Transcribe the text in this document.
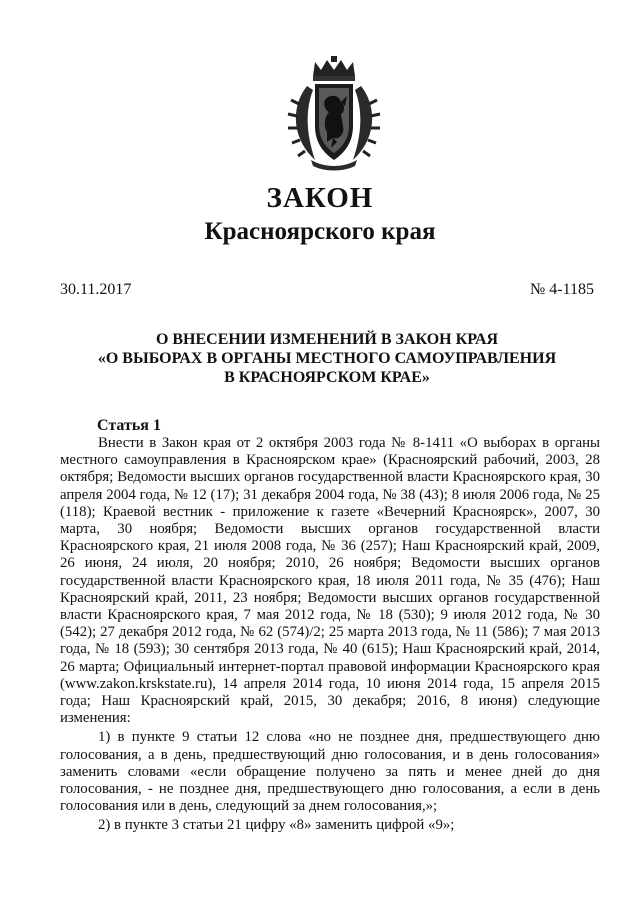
ЗАКОН
Красноярского края
30.11.2017	№ 4-1185
О ВНЕСЕНИИ ИЗМЕНЕНИЙ В ЗАКОН КРАЯ
«О ВЫБОРАХ В ОРГАНЫ МЕСТНОГО САМОУПРАВЛЕНИЯ
В КРАСНОЯРСКОМ КРАЕ»
Статья 1

Внести в Закон края от 2 октября 2003 года № 8-1411 «О выборах в органы местного самоуправления в Красноярском крае» (Красноярский рабочий, 2003, 28 октября; Ведомости высших органов государственной власти Красноярского края, 30 апреля 2004 года, № 12 (17); 31 декабря 2004 года, № 38 (43); 8 июля 2006 года, № 25 (118); Краевой вестник - приложение к газете «Вечерний Красноярск», 2007, 30 марта, 30 ноября; Ведомости высших органов государственной власти Красноярского края, 21 июля 2008 года, № 36 (257); Наш Красноярский край, 2009, 26 июня, 24 июля, 20 ноября; 2010, 26 ноября; Ведомости высших органов государственной власти Красноярского края, 18 июля 2011 года, № 35 (476); Наш Красноярский край, 2011, 23 ноября; Ведомости высших органов государственной власти Красноярского края, 7 мая 2012 года, № 18 (530); 9 июля 2012 года, № 30 (542); 27 декабря 2012 года, № 62 (574)/2; 25 марта 2013 года, № 11 (586); 7 мая 2013 года, № 18 (593); 30 сентября 2013 года, № 40 (615); Наш Красноярский край, 2014, 26 марта; Официальный интернет-портал правовой информации Красноярского края (www.zakon.krskstate.ru), 14 апреля 2014 года, 10 июня 2014 года, 15 апреля 2015 года; Наш Красноярский край, 2015, 30 декабря; 2016, 8 июня) следующие изменения:

1) в пункте 9 статьи 12 слова «но не позднее дня, предшествующего дню голосования, а в день, предшествующий дню голосования, и в день голосования» заменить словами «если обращение получено за пять и менее дней до дня голосования, - не позднее дня, предшествующего дню голосования, а если в день голосования или в день, следующий за днем голосования,»;

2) в пункте 3 статьи 21 цифру «8» заменить цифрой «9»;
